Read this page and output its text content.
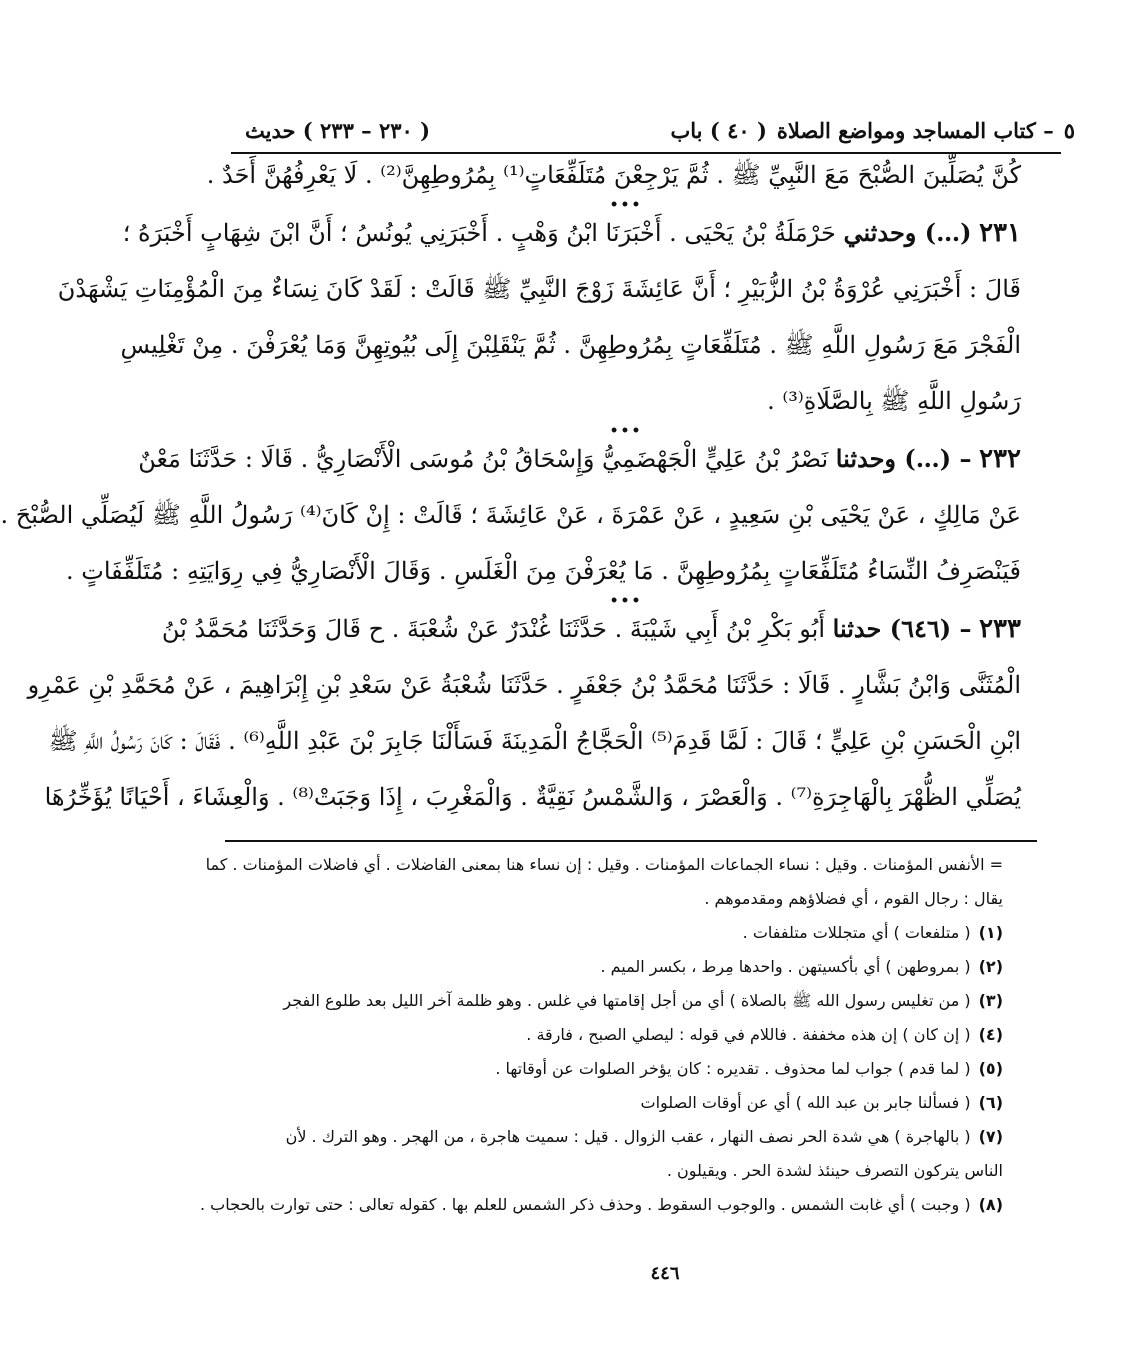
٥
– كتاب المساجد ومواضع الصلاة
( ٤٠ ) باب
( ٢٣٠ – ٢٣٣ ) حديث
كُنَّ يُصَلِّينَ الصُّبْحَ مَعَ النَّبِيِّ ﷺ . ثُمَّ يَرْجِعْنَ مُتَلَفِّعَاتٍ⁽¹⁾ بِمُرُوطِهِنَّ⁽²⁾ . لَا يَعْرِفُهُنَّ أَحَدٌ .
•••
٢٣١ (…) وحدثني حَرْمَلَةُ بْنُ يَحْيَى . أَخْبَرَنَا ابْنُ وَهْبٍ . أَخْبَرَنِي يُونُسُ ؛ أَنَّ ابْنَ شِهَابٍ أَخْبَرَهُ ؛
قَالَ : أَخْبَرَنِي عُرْوَةُ بْنُ الزُّبَيْرِ ؛ أَنَّ عَائِشَةَ زَوْجَ النَّبِيِّ ﷺ قَالَتْ : لَقَدْ كَانَ نِسَاءٌ مِنَ الْمُؤْمِنَاتِ يَشْهَدْنَ
الْفَجْرَ مَعَ رَسُولِ اللَّهِ ﷺ . مُتَلَفِّعَاتٍ بِمُرُوطِهِنَّ . ثُمَّ يَنْقَلِبْنَ إِلَى بُيُوتِهِنَّ وَمَا يُعْرَفْنَ . مِنْ تَغْلِيسِ
رَسُولِ اللَّهِ ﷺ بِالصَّلَاةِ⁽³⁾ .
•••
٢٣٢ – (…) وحدثنا نَصْرُ بْنُ عَلِيٍّ الْجَهْضَمِيُّ وَإِسْحَاقُ بْنُ مُوسَى الْأَنْصَارِيُّ . قَالَا : حَدَّثَنَا مَعْنٌ
عَنْ مَالِكٍ ، عَنْ يَحْيَى بْنِ سَعِيدٍ ، عَنْ عَمْرَةَ ، عَنْ عَائِشَةَ ؛ قَالَتْ : إِنْ كَانَ⁽⁴⁾ رَسُولُ اللَّهِ ﷺ لَيُصَلِّي الصُّبْحَ .
فَيَنْصَرِفُ النِّسَاءُ مُتَلَفِّعَاتٍ بِمُرُوطِهِنَّ . مَا يُعْرَفْنَ مِنَ الْغَلَسِ . وَقَالَ الْأَنْصَارِيُّ فِي رِوَايَتِهِ : مُتَلَفِّفَاتٍ .
•••
٢٣٣ – (٦٤٦) حدثنا أَبُو بَكْرِ بْنُ أَبِي شَيْبَةَ . حَدَّثَنَا غُنْدَرٌ عَنْ شُعْبَةَ . ح قَالَ وَحَدَّثَنَا مُحَمَّدُ بْنُ
الْمُثَنَّى وَابْنُ بَشَّارٍ . قَالَا : حَدَّثَنَا مُحَمَّدُ بْنُ جَعْفَرٍ . حَدَّثَنَا شُعْبَةُ عَنْ سَعْدِ بْنِ إِبْرَاهِيمَ ، عَنْ مُحَمَّدِ بْنِ عَمْرِو
ابْنِ الْحَسَنِ بْنِ عَلِيٍّ ؛ قَالَ : لَمَّا قَدِمَ⁽⁵⁾ الْحَجَّاجُ الْمَدِينَةَ فَسَأَلْنَا جَابِرَ بْنَ عَبْدِ اللَّهِ⁽⁶⁾ . فَقَالَ : كَانَ رَسُولُ اللَّهِ ﷺ
يُصَلِّي الظُّهْرَ بِالْهَاجِرَةِ⁽⁷⁾ . وَالْعَصْرَ ، وَالشَّمْسُ نَقِيَّةٌ . وَالْمَغْرِبَ ، إِذَا وَجَبَتْ⁽⁸⁾ . وَالْعِشَاءَ ، أَحْيَانًا يُؤَخِّرُهَا
= الأنفس المؤمنات . وقيل : نساء الجماعات المؤمنات . وقيل : إن نساء هنا بمعنى الفاضلات . أي فاضلات المؤمنات . كما
يقال : رجال القوم ، أي فضلاؤهم ومقدموهم .
(١)( متلفعات ) أي متجللات متلففات .
(٢)( بمروطهن ) أي بأكسيتهن . واحدها مِرط ، بكسر الميم .
(٣)( من تغليس رسول الله ﷺ بالصلاة ) أي من أجل إقامتها في غلس . وهو ظلمة آخر الليل بعد طلوع الفجر
(٤)( إن كان ) إن هذه مخففة . فاللام في قوله : ليصلي الصبح ، فارقة .
(٥)( لما قدم ) جواب لما محذوف . تقديره : كان يؤخر الصلوات عن أوقاتها .
(٦)( فسألنا جابر بن عبد الله ) أي عن أوقات الصلوات
(٧)( بالهاجرة ) هي شدة الحر نصف النهار ، عقب الزوال . قيل : سميت هاجرة ، من الهجر . وهو الترك . لأن
الناس يتركون التصرف حينئذ لشدة الحر . ويقيلون .
(٨)( وجبت ) أي غابت الشمس . والوجوب السقوط . وحذف ذكر الشمس للعلم بها . كقوله تعالى : حتى توارت بالحجاب .
٤٤٦
